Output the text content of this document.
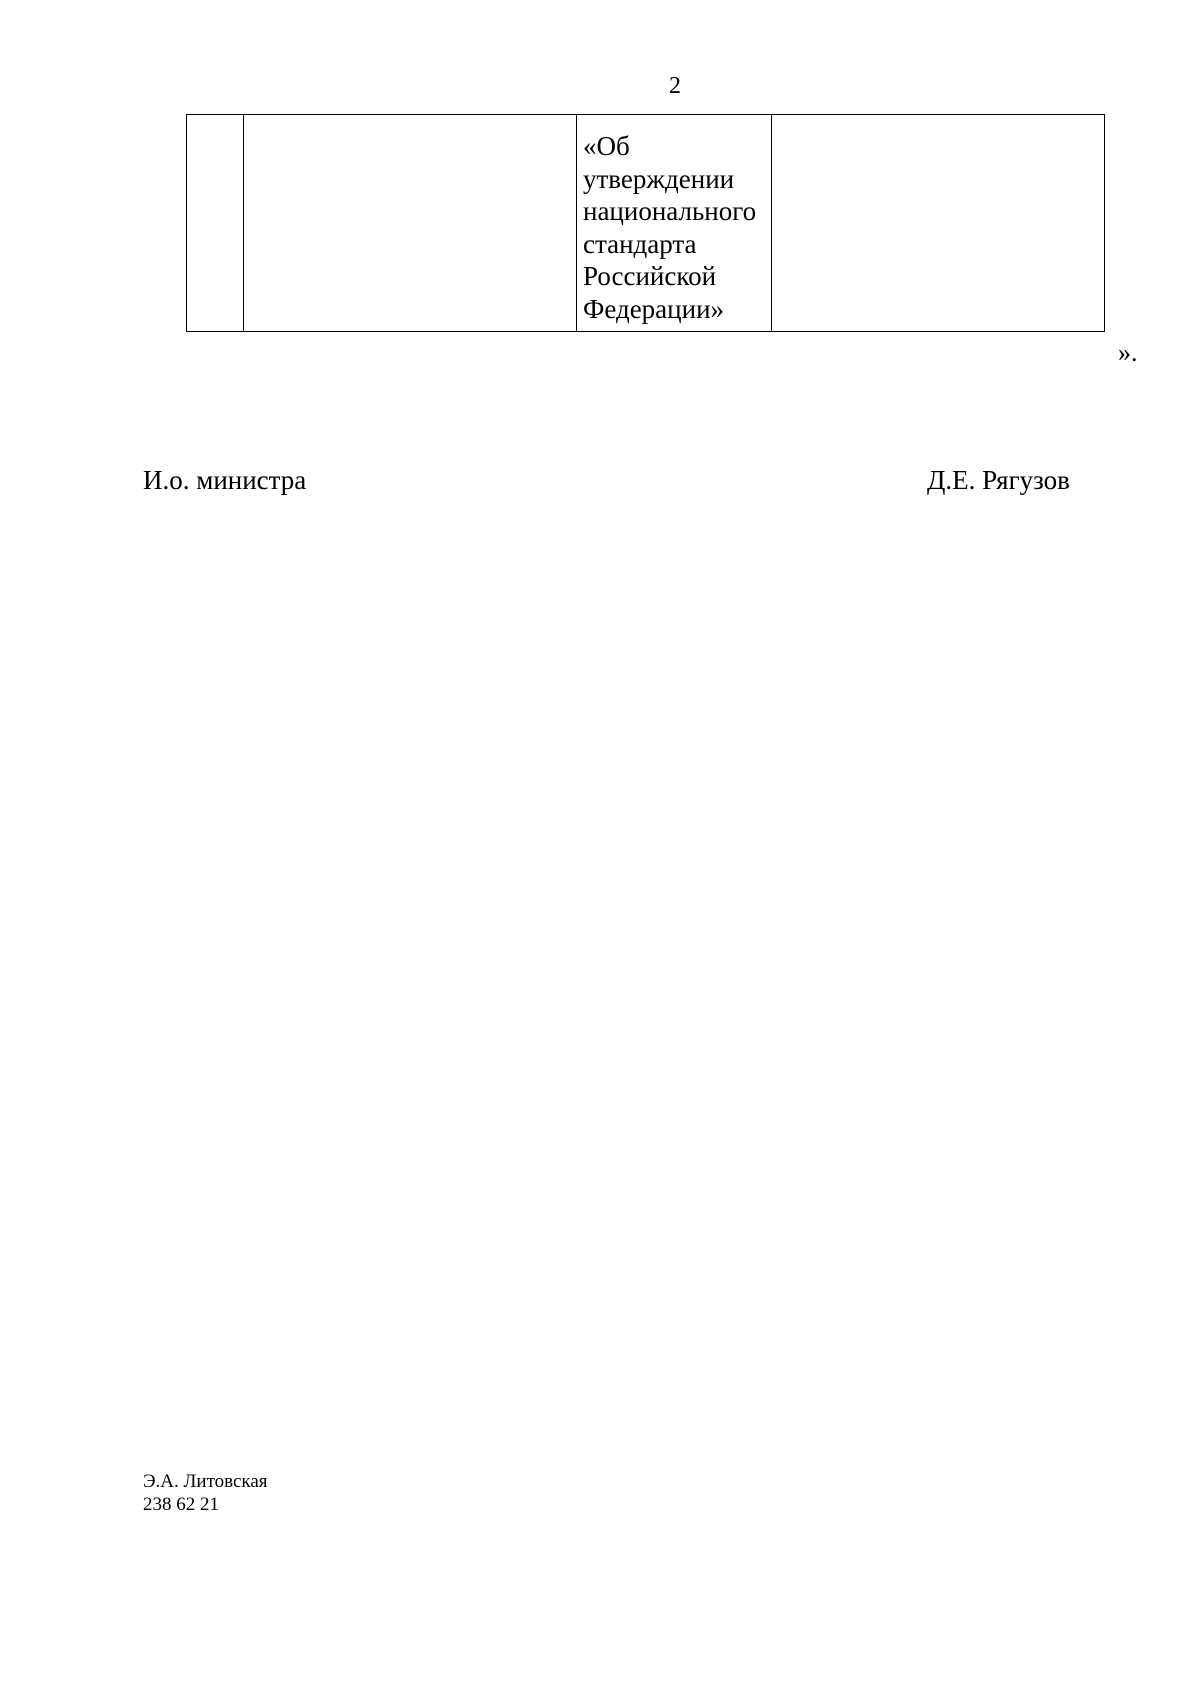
2

«Об
утверждении
национального
стандарта
Российской
Федерации»

».
И.о. министра	Д.Е. Рягузов
Э.А. Литовская
238 62 21
